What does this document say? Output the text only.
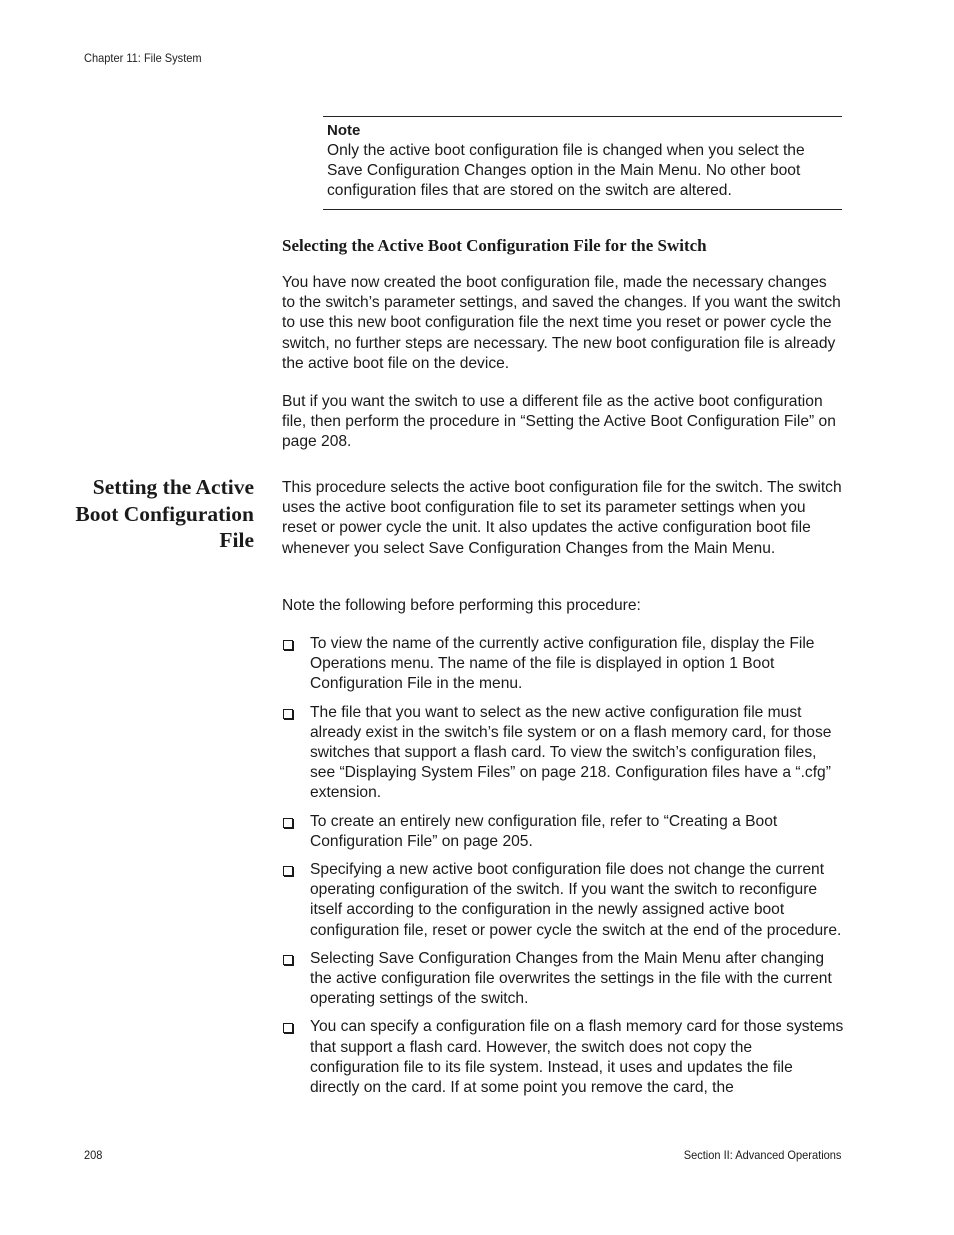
Chapter 11: File System
Note

Only the active boot configuration file is changed when you select the Save Configuration Changes option in the Main Menu. No other boot configuration files that are stored on the switch are altered.

Selecting the Active Boot Configuration File for the Switch

You have now created the boot configuration file, made the necessary changes to the switch’s parameter settings, and saved the changes. If you want the switch to use this new boot configuration file the next time you reset or power cycle the switch, no further steps are necessary. The new boot configuration file is already the active boot file on the device.

But if you want the switch to use a different file as the active boot configuration file, then perform the procedure in “Setting the Active Boot Configuration File” on page 208.

Setting the Active Boot Configuration File

This procedure selects the active boot configuration file for the switch. The switch uses the active boot configuration file to set its parameter settings when you reset or power cycle the unit. It also updates the active configuration boot file whenever you select Save Configuration Changes from the Main Menu.

Note the following before performing this procedure:

To view the name of the currently active configuration file, display the File Operations menu. The name of the file is displayed in option 1 Boot Configuration File in the menu.
The file that you want to select as the new active configuration file must already exist in the switch’s file system or on a flash memory card, for those switches that support a flash card. To view the switch’s configuration files, see “Displaying System Files” on page 218. Configuration files have a “.cfg” extension.
To create an entirely new configuration file, refer to “Creating a Boot Configuration File” on page 205.
Specifying a new active boot configuration file does not change the current operating configuration of the switch. If you want the switch to reconfigure itself according to the configuration in the newly assigned active boot configuration file, reset or power cycle the switch at the end of the procedure.
Selecting Save Configuration Changes from the Main Menu after changing the active configuration file overwrites the settings in the file with the current operating settings of the switch.
You can specify a configuration file on a flash memory card for those systems that support a flash card. However, the switch does not copy the configuration file to its file system. Instead, it uses and updates the file directly on the card. If at some point you remove the card, the
208	Section II: Advanced Operations
